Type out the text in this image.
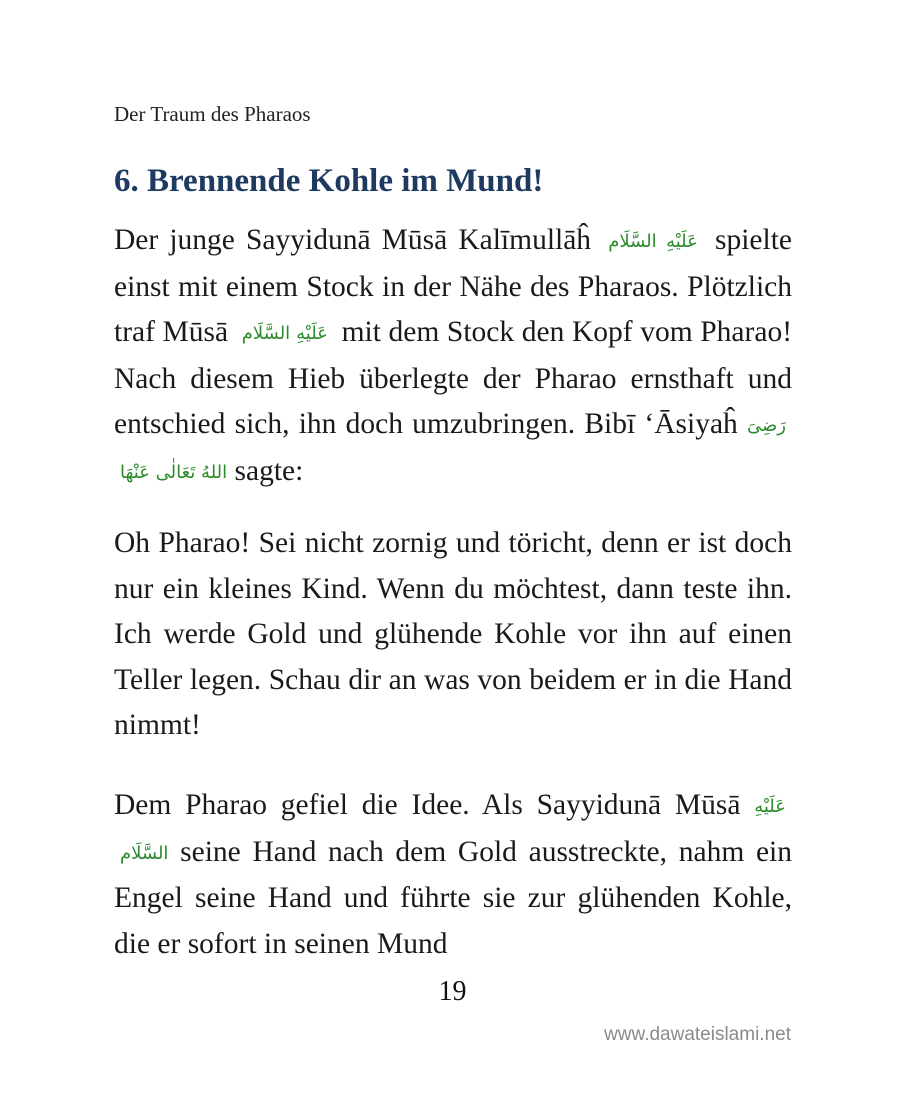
Der Traum des Pharaos
6. Brennende Kohle im Mund!

Der junge Sayyidunā Mūsā Kalīmullāĥ عَلَيْهِ السَّلَام spielte einst mit einem Stock in der Nähe des Pharaos. Plötzlich traf Mūsā عَلَيْهِ السَّلَام mit dem Stock den Kopf vom Pharao! Nach diesem Hieb überlegte der Pharao ernsthaft und entschied sich, ihn doch umzubringen. Bibī ʻĀsiyaĥ رَضِىَ اللهُ تَعَالٰى عَنْهَا sagte:

Oh Pharao! Sei nicht zornig und töricht, denn er ist doch nur ein kleines Kind. Wenn du möchtest, dann teste ihn. Ich werde Gold und glühende Kohle vor ihn auf einen Teller legen. Schau dir an was von beidem er in die Hand nimmt!

Dem Pharao gefiel die Idee. Als Sayyidunā Mūsā عَلَيْهِ السَّلَام seine Hand nach dem Gold ausstreckte, nahm ein Engel seine Hand und führte sie zur glühenden Kohle, die er sofort in seinen Mund

19
www.dawateislami.net
